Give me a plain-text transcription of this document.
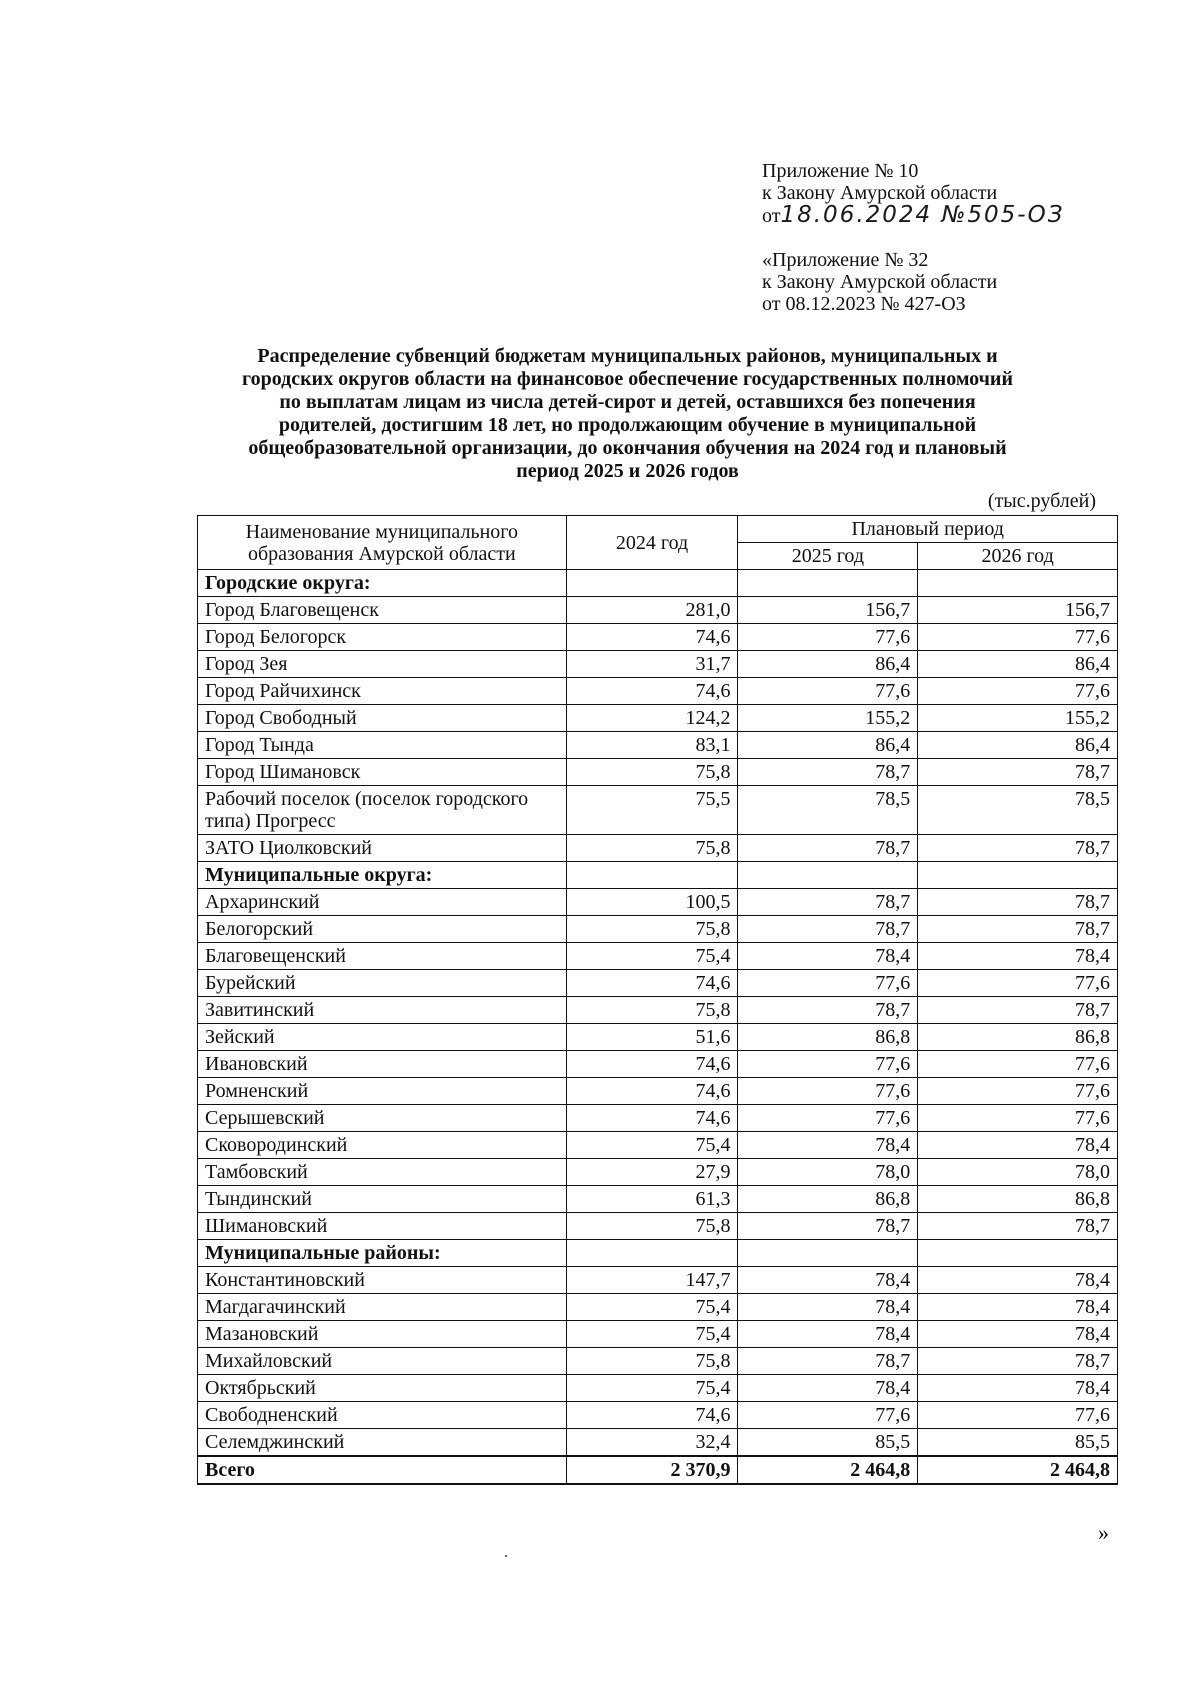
Приложение № 10
к Закону Амурской области
от18.06.2024 №505-ОЗ
«Приложение № 32
к Закону Амурской области
от 08.12.2023 № 427-ОЗ
Распределение субвенций бюджетам муниципальных районов, муниципальных и
городских округов области на финансовое обеспечение государственных полномочий
по выплатам лицам из числа детей-сирот и детей, оставшихся без попечения
родителей, достигшим 18 лет, но продолжающим обучение в муниципальной
общеобразовательной организации, до окончания обучения на 2024 год и плановый
период 2025 и 2026 годов
(тыс.рублей)
Наименование муниципального
образования Амурской области	2024 год	Плановый период	
		2025 год	2026 год
Городские округа:			
Город Благовещенск	281,0	156,7	156,7
Город Белогорск	74,6	77,6	77,6
Город Зея	31,7	86,4	86,4
Город Райчихинск	74,6	77,6	77,6
Город Свободный	124,2	155,2	155,2
Город Тында	83,1	86,4	86,4
Город Шимановск	75,8	78,7	78,7
Рабочий поселок (поселок городского типа) Прогресс	75,5	78,5	78,5
ЗАТО Циолковский	75,8	78,7	78,7
Муниципальные округа:			
Архаринский	100,5	78,7	78,7
Белогорский	75,8	78,7	78,7
Благовещенский	75,4	78,4	78,4
Бурейский	74,6	77,6	77,6
Завитинский	75,8	78,7	78,7
Зейский	51,6	86,8	86,8
Ивановский	74,6	77,6	77,6
Ромненский	74,6	77,6	77,6
Серышевский	74,6	77,6	77,6
Сковородинский	75,4	78,4	78,4
Тамбовский	27,9	78,0	78,0
Тындинский	61,3	86,8	86,8
Шимановский	75,8	78,7	78,7
Муниципальные районы:			
Константиновский	147,7	78,4	78,4
Магдагачинский	75,4	78,4	78,4
Мазановский	75,4	78,4	78,4
Михайловский	75,8	78,7	78,7
Октябрьский	75,4	78,4	78,4
Свободненский	74,6	77,6	77,6
Селемджинский	32,4	85,5	85,5
Всего	2 370,9	2 464,8	2 464,8
»
